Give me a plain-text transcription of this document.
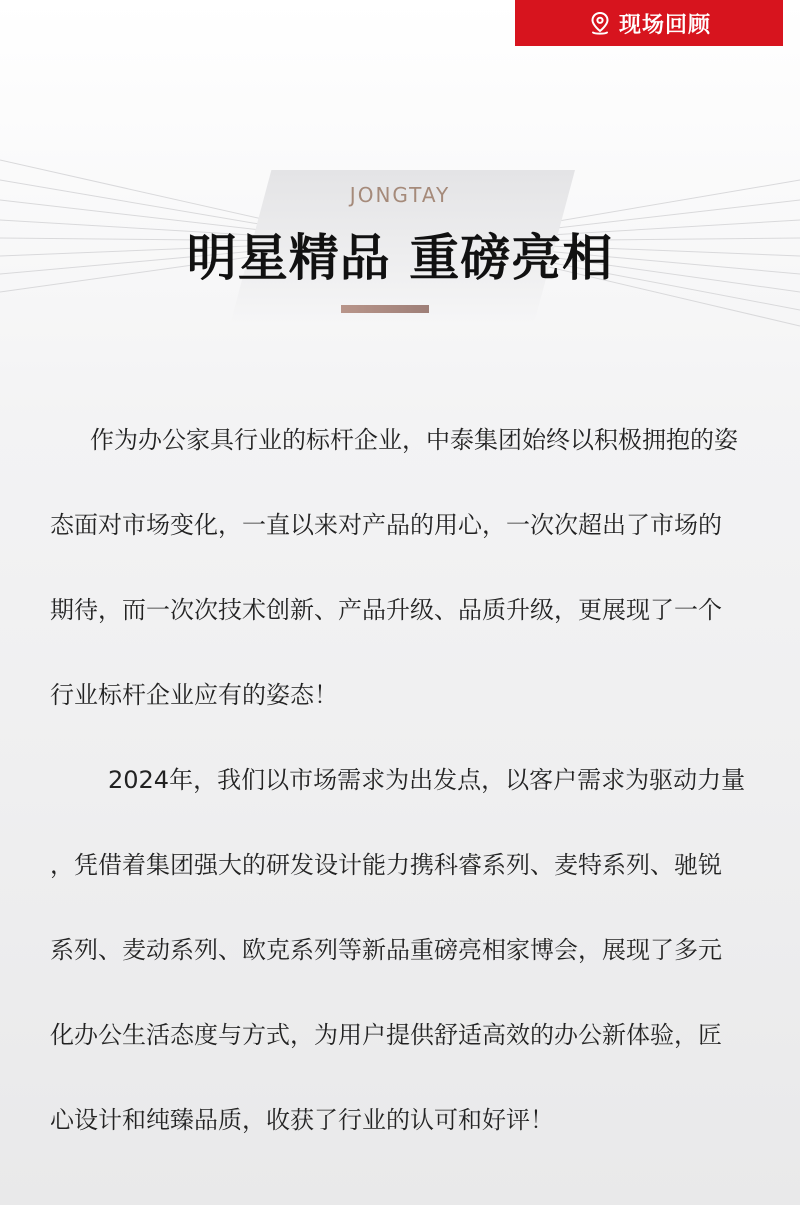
现场回顾
JONGTAY
明星精品 重磅亮相
作为办公家具行业的标杆企业，中泰集团始终以积极拥抱的姿
态面对市场变化，一直以来对产品的用心，一次次超出了市场的
期待，而一次次技术创新、产品升级、品质升级，更展现了一个
行业标杆企业应有的姿态！
2024年，我们以市场需求为出发点，以客户需求为驱动力量
，凭借着集团强大的研发设计能力携科睿系列、麦特系列、驰锐
系列、麦动系列、欧克系列等新品重磅亮相家博会，展现了多元
化办公生活态度与方式，为用户提供舒适高效的办公新体验，匠
心设计和纯臻品质，收获了行业的认可和好评！
